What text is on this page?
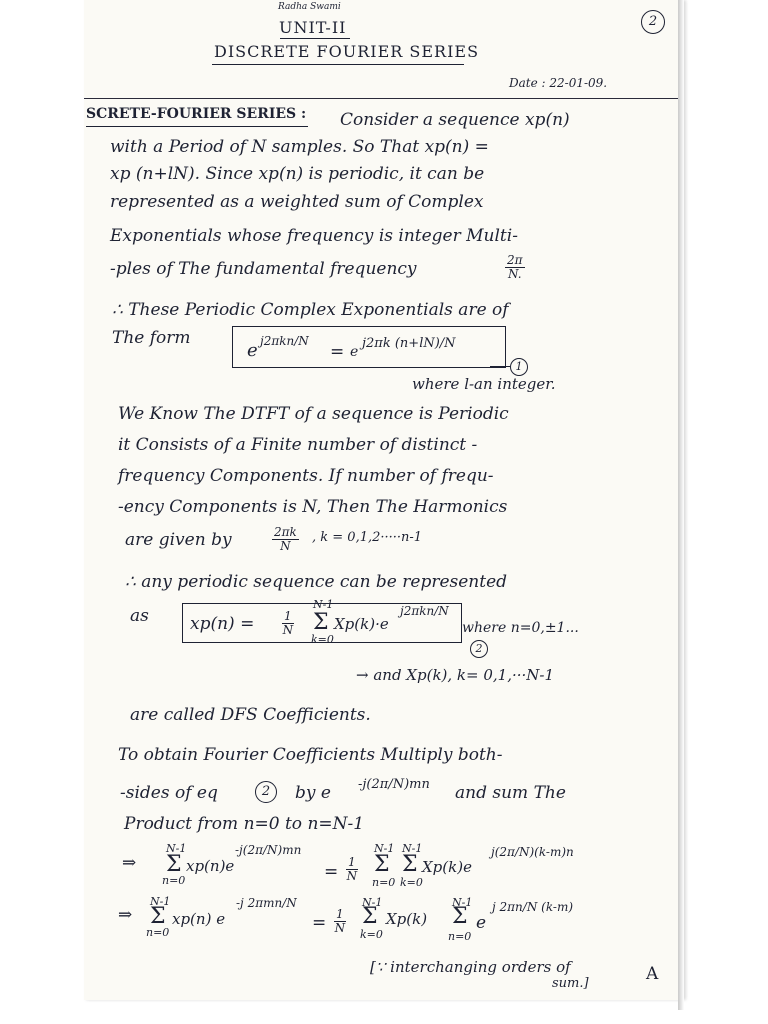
Radha Swami
UNIT-II
DISCRETE FOURIER SERIES
2
Date : 22-01-09.
SCRETE-FOURIER SERIES : Consider a sequence xp(n)
with a Period of N samples. So That xp(n) =
xp (n+lN). Since xp(n) is periodic, it can be
represented as a weighted sum of Complex
Exponentials whose frequency is integer Multi-
-ples of The fundamental frequency	$\frac{2\pi}{N.}$
∴ These Periodic Complex Exponentials are of
The form
e j2πkn/N
= e
j2πk (n+lN)/N
1
where l-an integer.
We Know The DTFT of a sequence is Periodic
it Consists of a Finite number of distinct -
frequency Components. If number of frequ-
-ency Components is N, Then The Harmonics
are given by	$\frac{2\pi k}{N}$ , k = 0,1,2·····n-1
∴ any periodic sequence can be represented
as $xp(n) = \frac{1}{N}$
N-1
Σ
k=0
Xp(k)·e
j2πkn/N
where n=0,±1...
2
→ and Xp(k), k= 0,1,···N-1
are called DFS Coefficients.
To obtain Fourier Coefficients Multiply both-
-sides of eq	2	by e -j(2π/N)mn and sum The
Product from n=0 to n=N-1
⇒
N-1
Σ
n=0
xp(n)e
-j(2π/N)mn
= $\frac{1}{N}$
N-1
Σ
n=0
N-1
Σ
k=0
Xp(k)e
j(2π/N)(k-m)n
⇒
N-1
Σ
n=0
xp(n) e
-j 2πmn/N
= $\frac{1}{N}$
N-1
Σ
k=0
Xp(k)
N-1
Σ
n=0
e
j 2πn/N (k-m)
[∵ interchanging orders of
sum.]	A
